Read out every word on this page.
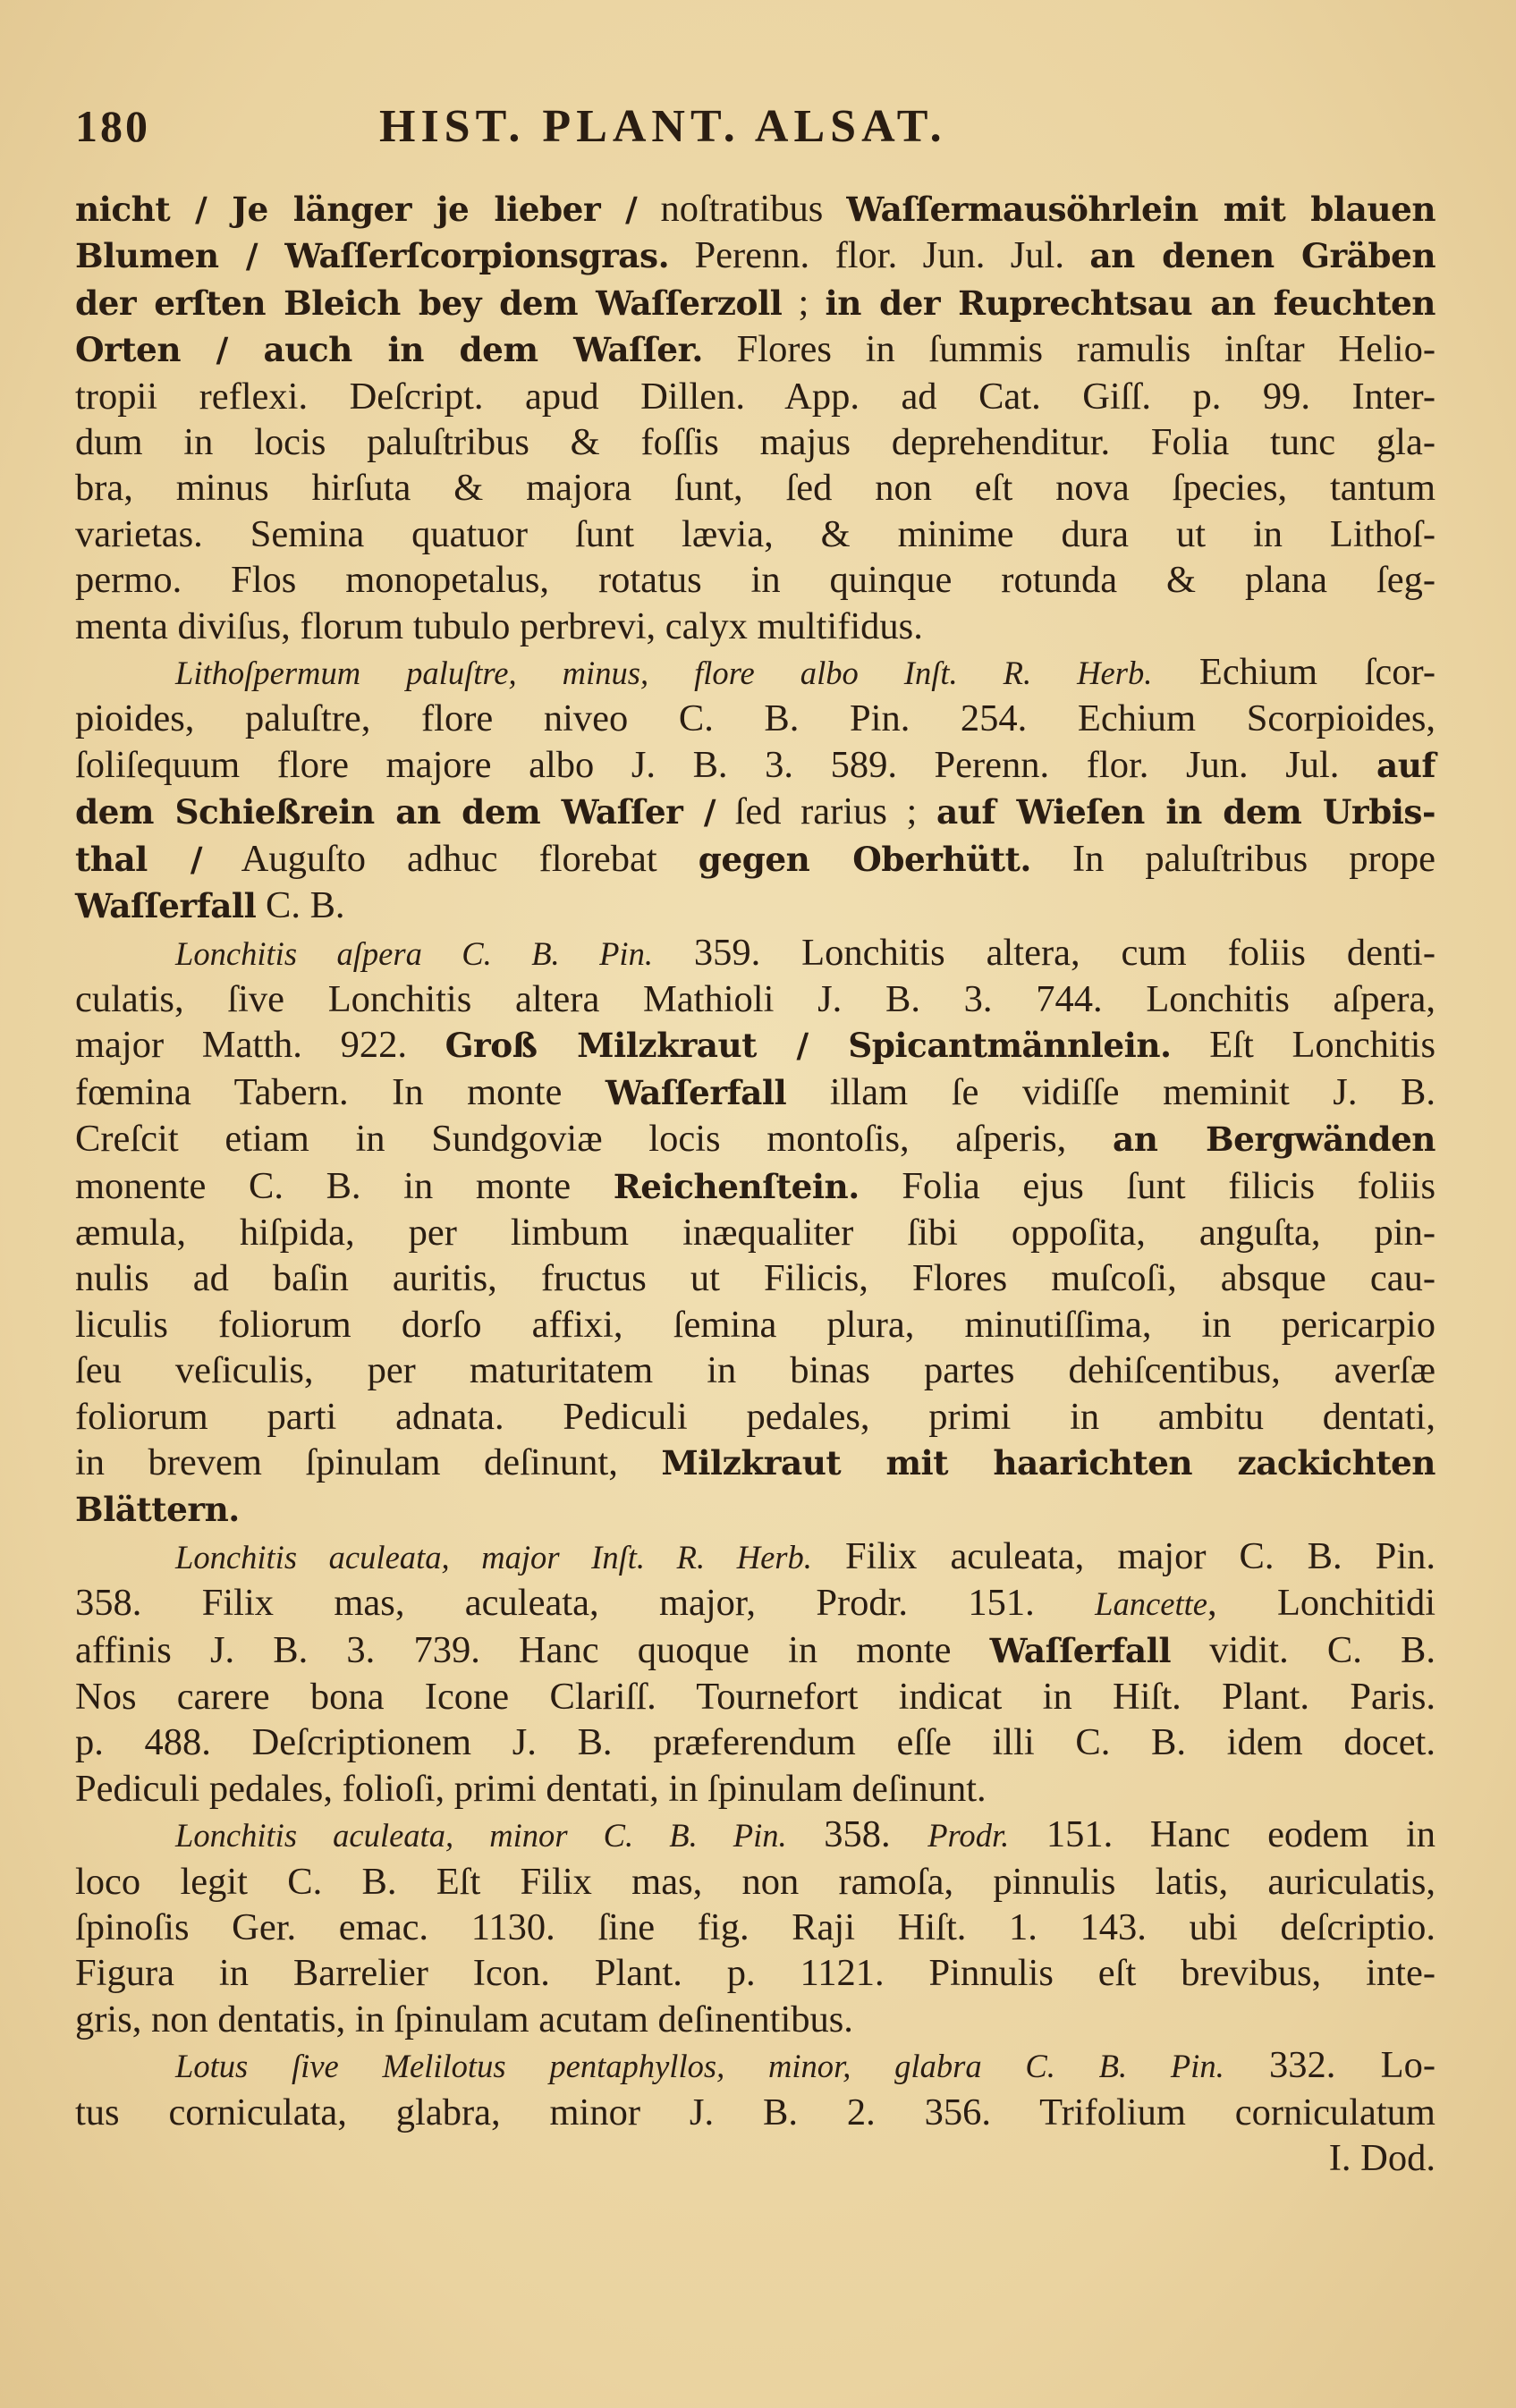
180	HIST. PLANT. ALSAT.
nicht / Je länger je lieber / noſtratibus Waſſermausöhrlein mit blauen
Blumen / Waſſerſcorpionsgras. Perenn. flor. Jun. Jul. an denen Gräben
der erſten Bleich bey dem Waſſerzoll ; in der Ruprechtsau an feuchten
Orten / auch in dem Waſſer. Flores in ſummis ramulis inſtar Helio-
tropii reflexi. Deſcript. apud Dillen. App. ad Cat. Giſſ. p. 99. Inter-
dum in locis paluſtribus & foſſis majus deprehenditur. Folia tunc gla-
bra, minus hirſuta & majora ſunt, ſed non eſt nova ſpecies, tantum
varietas. Semina quatuor ſunt lævia, & minime dura ut in Lithoſ-
permo. Flos monopetalus, rotatus in quinque rotunda & plana ſeg-
menta diviſus, florum tubulo perbrevi, calyx multifidus.
Lithoſpermum paluſtre, minus, flore albo Inſt. R. Herb. Echium ſcor-
pioides, paluſtre, flore niveo C. B. Pin. 254. Echium Scorpioides,
ſoliſequum flore majore albo J. B. 3. 589. Perenn. flor. Jun. Jul. auf
dem Schießrein an dem Waſſer / ſed rarius ; auf Wieſen in dem Urbis-
thal / Auguſto adhuc florebat gegen Oberhütt. In paluſtribus prope
Waſſerfall C. B.
Lonchitis aſpera C. B. Pin. 359. Lonchitis altera, cum foliis denti-
culatis, ſive Lonchitis altera Mathioli J. B. 3. 744. Lonchitis aſpera,
major Matth. 922. Groß Milzkraut / Spicantmännlein. Eſt Lonchitis
fœmina Tabern. In monte Waſſerfall illam ſe vidiſſe meminit J. B.
Creſcit etiam in Sundgoviæ locis montoſis, aſperis, an Bergwänden
monente C. B. in monte Reichenſtein. Folia ejus ſunt filicis foliis
æmula, hiſpida, per limbum inæqualiter ſibi oppoſita, anguſta, pin-
nulis ad baſin auritis, fructus ut Filicis, Flores muſcoſi, absque cau-
liculis foliorum dorſo affixi, ſemina plura, minutiſſima, in pericarpio
ſeu veſiculis, per maturitatem in binas partes dehiſcentibus, averſæ
foliorum parti adnata. Pediculi pedales, primi in ambitu dentati,
in brevem ſpinulam deſinunt, Milzkraut mit haarichten zackichten
Blättern.
Lonchitis aculeata, major Inſt. R. Herb. Filix aculeata, major C. B. Pin.
358. Filix mas, aculeata, major, Prodr. 151. Lancette, Lonchitidi
affinis J. B. 3. 739. Hanc quoque in monte Waſſerfall vidit. C. B.
Nos carere bona Icone Clariſſ. Tournefort indicat in Hiſt. Plant. Paris.
p. 488. Deſcriptionem J. B. præferendum eſſe illi C. B. idem docet.
Pediculi pedales, folioſi, primi dentati, in ſpinulam deſinunt.
Lonchitis aculeata, minor C. B. Pin. 358. Prodr. 151. Hanc eodem in
loco legit C. B. Eſt Filix mas, non ramoſa, pinnulis latis, auriculatis,
ſpinoſis Ger. emac. 1130. ſine fig. Raji Hiſt. 1. 143. ubi deſcriptio.
Figura in Barrelier Icon. Plant. p. 1121. Pinnulis eſt brevibus, inte-
gris, non dentatis, in ſpinulam acutam deſinentibus.
Lotus ſive Melilotus pentaphyllos, minor, glabra C. B. Pin. 332. Lo-
tus corniculata, glabra, minor J. B. 2. 356. Trifolium corniculatum
I. Dod.
